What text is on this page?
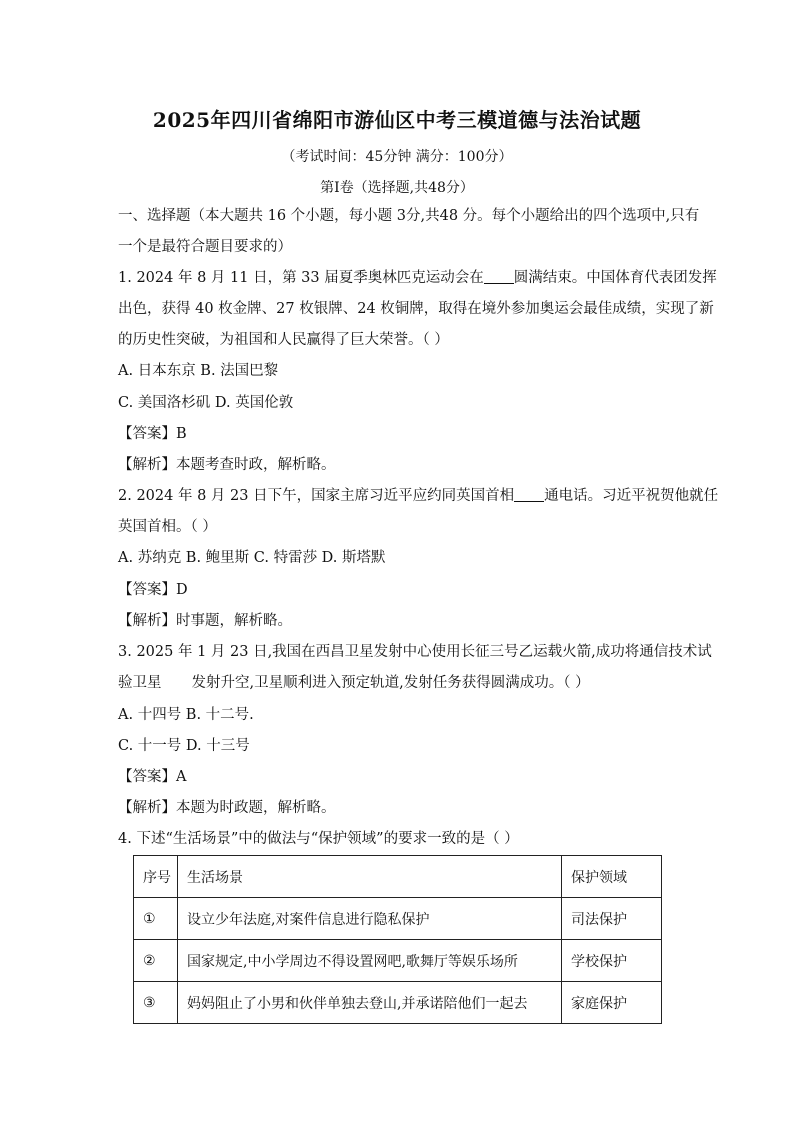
2025年四川省绵阳市游仙区中考三模道德与法治试题
（考试时间：45分钟 满分：100分）
第I卷（选择题,共48分）
一、选择题（本大题共 16 个小题，每小题 3分,共48 分。每个小题给出的四个选项中,只有
一个是最符合题目要求的）
1. 2024 年 8 月 11 日，第 33 届夏季奥林匹克运动会在 圆满结束。中国体育代表团发挥
出色，获得 40 枚金牌、27 枚银牌、24 枚铜牌，取得在境外参加奥运会最佳成绩，实现了新
的历史性突破，为祖国和人民赢得了巨大荣誉。（ ）
A. 日本东京 B. 法国巴黎
C. 美国洛杉矶 D. 英国伦敦
【答案】B
【解析】本题考查时政，解析略。
2. 2024 年 8 月 23 日下午，国家主席习近平应约同英国首相 通电话。习近平祝贺他就任
英国首相。（ ）
A. 苏纳克 B. 鲍里斯 C. 特雷莎 D. 斯塔默
【答案】D
【解析】时事题，解析略。
3. 2025 年 1 月 23 日,我国在西昌卫星发射中心使用长征三号乙运载火箭,成功将通信技术试
验卫星 发射升空,卫星顺利进入预定轨道,发射任务获得圆满成功。（ ）
A. 十四号 B. 十二号.
C. 十一号 D. 十三号
【答案】A
【解析】本题为时政题，解析略。
4. 下述“生活场景”中的做法与“保护领域”的要求一致的是（ ）
序号	生活场景	保护领域
①	设立少年法庭,对案件信息进行隐私保护	司法保护
②	国家规定,中小学周边不得设置网吧,歌舞厅等娱乐场所	学校保护
③	妈妈阻止了小男和伙伴单独去登山,并承诺陪他们一起去	家庭保护
